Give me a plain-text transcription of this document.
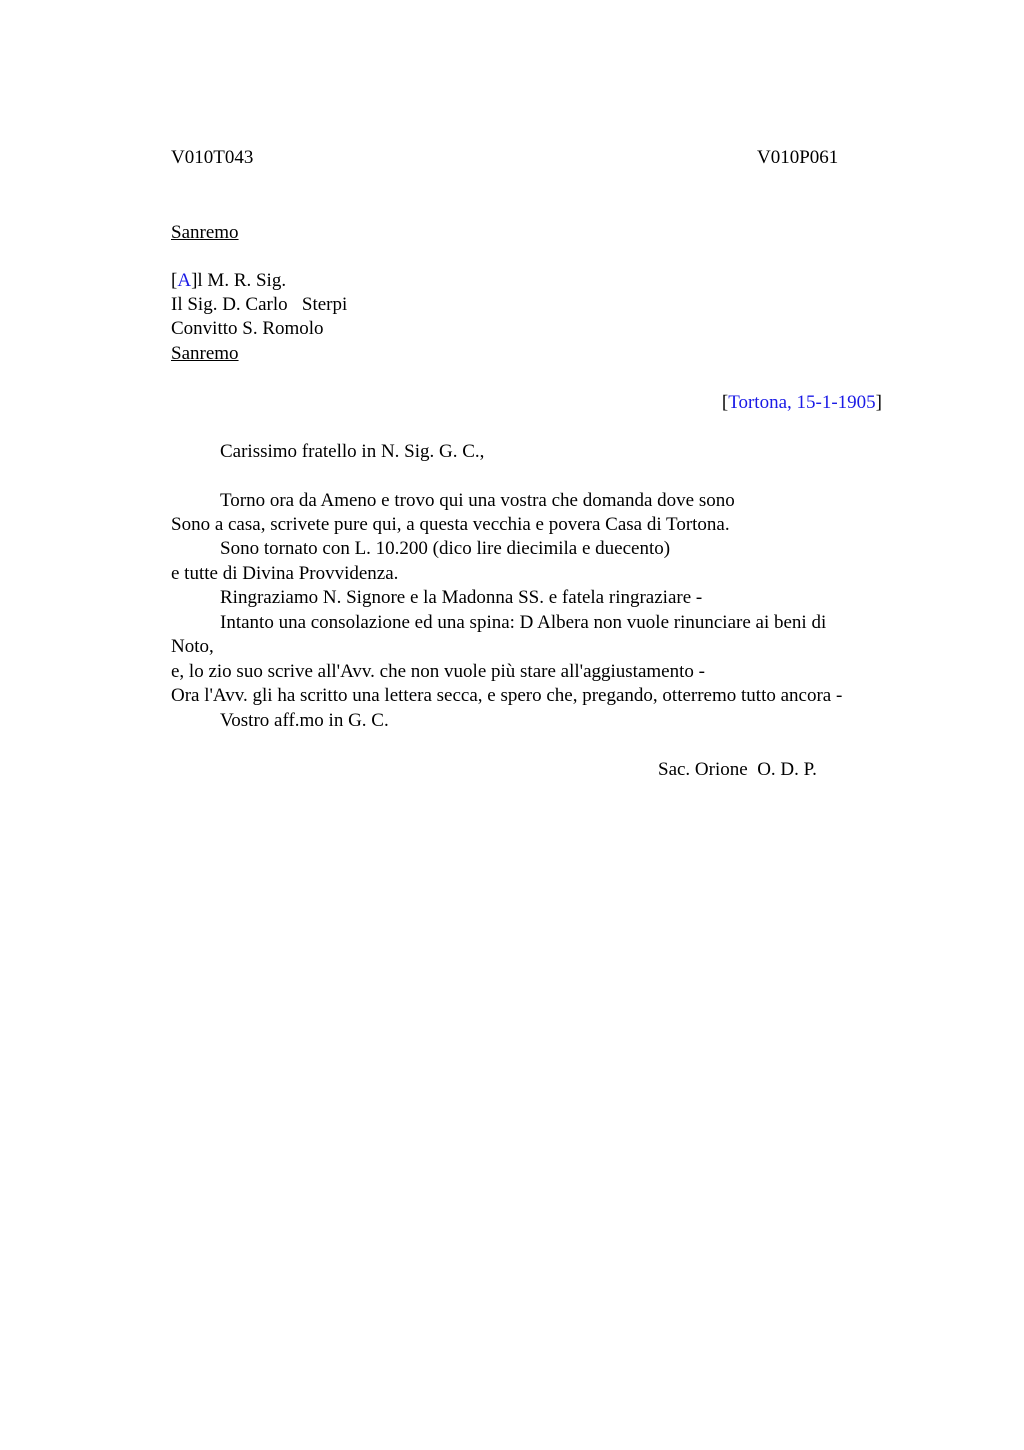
V010T043	V010P061
Sanremo
[A]l M. R. Sig.
Il Sig. D. Carlo   Sterpi
Convitto S. Romolo
Sanremo
[Tortona, 15-1-1905]
Carissimo fratello in N. Sig. G. C.,
Torno ora da Ameno e trovo qui una vostra che domanda dove sono
Sono a casa, scrivete pure qui, a questa vecchia e povera Casa di Tortona.
Sono tornato con L. 10.200 (dico lire diecimila e duecento)
e tutte di Divina Provvidenza.
Ringraziamo N. Signore e la Madonna SS. e fatela ringraziare -
Intanto una consolazione ed una spina: D Albera non vuole rinunciare ai beni di
Noto,
e, lo zio suo scrive all'Avv. che non vuole più stare all'aggiustamento -
Ora l'Avv. gli ha scritto una lettera secca, e spero che, pregando, otterremo tutto ancora -
Vostro aff.mo in G. C.
Sac. Orione  O. D. P.
